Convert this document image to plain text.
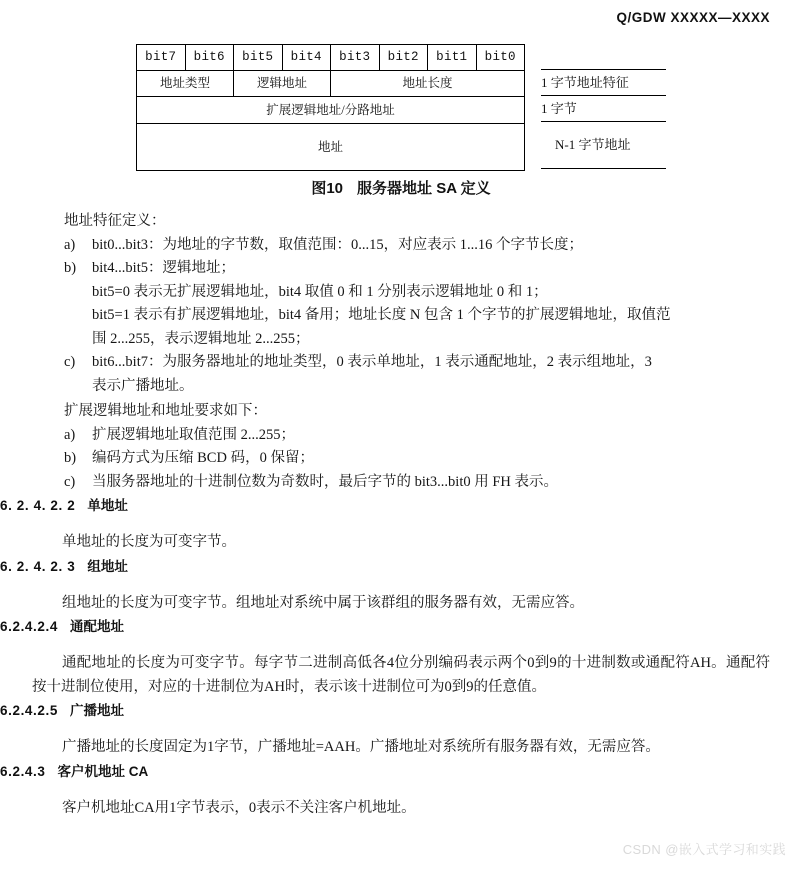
Q/GDW XXXXX—XXXX
bit7	bit6	bit5	bit4	bit3	bit2	bit1	bit0
地址类型		逻辑地址		地址长度			
扩展逻辑地址/分路地址							
地址							
1 字节地址特征
1 字节
N-1 字节地址
图10 服务器地址 SA 定义
地址特征定义：
a) bit0...bit3：为地址的字节数，取值范围：0...15，对应表示 1...16 个字节长度；
b) bit4...bit5：逻辑地址；
bit5=0 表示无扩展逻辑地址，bit4 取值 0 和 1 分别表示逻辑地址 0 和 1；
bit5=1 表示有扩展逻辑地址，bit4 备用；地址长度 N 包含 1 个字节的扩展逻辑地址，取值范
围 2...255，表示逻辑地址 2...255；
c) bit6...bit7：为服务器地址的地址类型，0 表示单地址，1 表示通配地址，2 表示组地址，3
表示广播地址。
扩展逻辑地址和地址要求如下：
a) 扩展逻辑地址取值范围 2...255；
b) 编码方式为压缩 BCD 码，0 保留；
c) 当服务器地址的十进制位数为奇数时，最后字节的 bit3...bit0 用 FH 表示。
6. 2. 4. 2. 2 单地址
单地址的长度为可变字节。
6. 2. 4. 2. 3 组地址
组地址的长度为可变字节。组地址对系统中属于该群组的服务器有效，无需应答。
6.2.4.2.4 通配地址
通配地址的长度为可变字节。每字节二进制高低各4位分别编码表示两个0到9的十进制数或通配符AH。通配符按十进制位使用，对应的十进制位为AH时，表示该十进制位可为0到9的任意值。
6.2.4.2.5 广播地址
广播地址的长度固定为1字节，广播地址=AAH。广播地址对系统所有服务器有效，无需应答。
6.2.4.3 客户机地址 CA
客户机地址CA用1字节表示，0表示不关注客户机地址。
CSDN @嵌入式学习和实践
